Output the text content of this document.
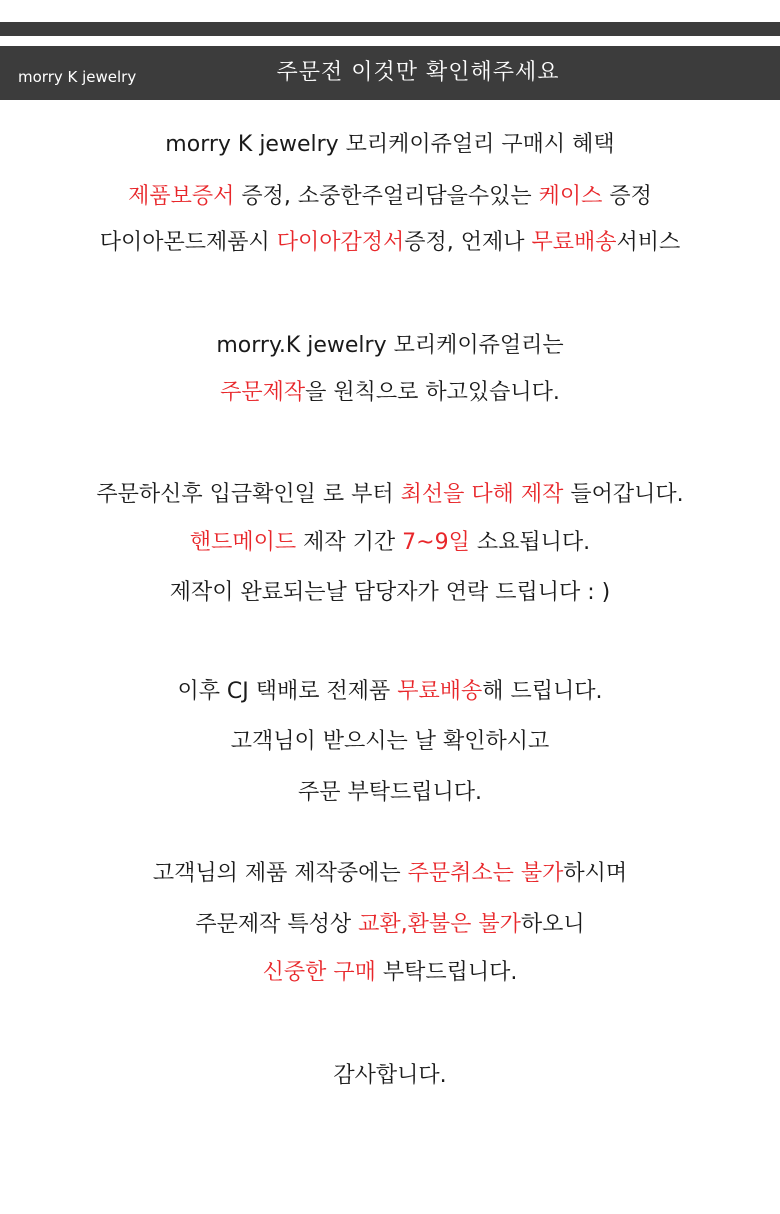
morry K jewelry	주문전 이것만 확인해주세요
morry K jewelry 모리케이쥬얼리 구매시 혜택
제품보증서 증정, 소중한주얼리담을수있는 케이스 증정
다이아몬드제품시 다이아감정서증정, 언제나 무료배송서비스
morry.K jewelry 모리케이쥬얼리는
주문제작을 원칙으로 하고있습니다.
주문하신후 입금확인일 로 부터 최선을 다해 제작 들어갑니다.
핸드메이드 제작 기간 7~9일 소요됩니다.
제작이 완료되는날 담당자가 연락 드립니다 : )
이후 CJ 택배로 전제품 무료배송해 드립니다.
고객님이 받으시는 날 확인하시고
주문 부탁드립니다.
고객님의 제품 제작중에는 주문취소는 불가하시며
주문제작 특성상 교환,환불은 불가하오니
신중한 구매 부탁드립니다.
감사합니다.
